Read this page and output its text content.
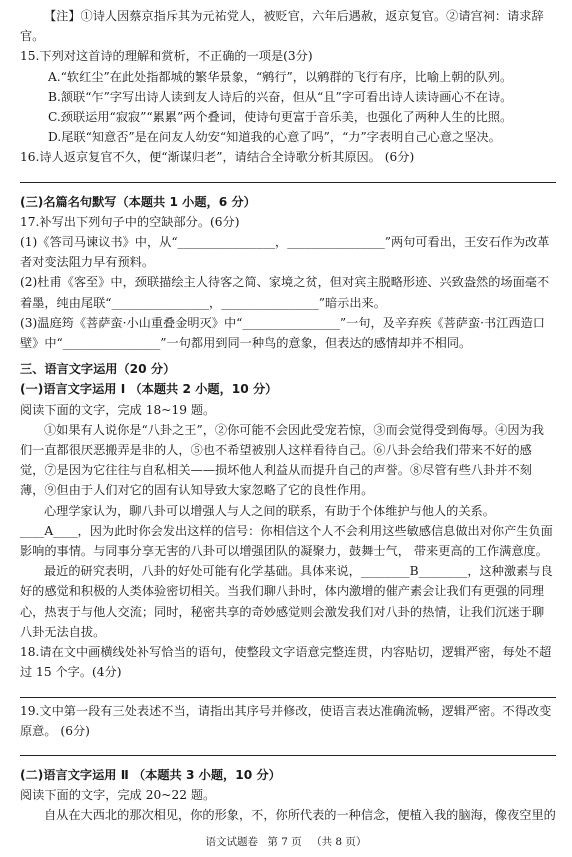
【注】①诗人因蔡京指斥其为元祐党人，被贬官，六年后遇赦，返京复官。②请宫祠：请求辞官。

15.下列对这首诗的理解和赏析，不正确的一项是(3分)

A.“软红尘”在此处指都城的繁华景象，“鹓行”，以鹓群的飞行有序，比喻上朝的队列。

B.颔联“乍”字写出诗人读到友人诗后的兴奋，但从“且”字可看出诗人读诗画心不在诗。

C.颈联运用“寂寂”“累累”两个叠词，使诗句更富于音乐美，也强化了两种人生的比照。

D.尾联“知意否”是在问友人幼安“知道我的心意了吗”，“力”字表明自己心意之坚决。

16.诗人返京复官不久，便“渐谋归老”，请结合全诗歌分析其原因。 (6分)

(三)名篇名句默写（本题共 1 小题，6 分）

17.补写出下列句子中的空缺部分。(6分)

(1)《答司马谏议书》中，从“________________，________________”两句可看出，王安石作为改革者对变法阻力早有预料。

(2)杜甫《客至》中，颈联描绘主人待客之简、家境之贫，但对宾主脱略形迹、兴致盎然的场面毫不着墨，纯由尾联“________________，________________”暗示出来。

(3)温庭筠《菩萨蛮·小山重叠金明灭》中“________________”一句，及辛弃疾《菩萨蛮·书江西造口壁》中“________________”一句都用到同一种鸟的意象，但表达的感情却并不相同。

三、语言文字运用（20 分）

(一)语言文字运用 Ⅰ （本题共 2 小题，10 分）

阅读下面的文字，完成 18~19 题。

①如果有人说你是“八卦之王”，②你可能不会因此受宠若惊，③而会觉得受到侮辱。④因为我们一直都很厌恶搬弄是非的人，⑤也不希望被别人这样看待自己。⑥八卦会给我们带来不好的感觉，⑦是因为它往往与自私相关——损坏他人利益从而提升自己的声誉。⑧尽管有些八卦并不刻薄，⑨但由于人们对它的固有认知导致大家忽略了它的良性作用。

心理学家认为，聊八卦可以增强人与人之间的联系，有助于个体维护与他人的关系。____A____，因为此时你会发出这样的信号：你相信这个人不会利用这些敏感信息做出对你产生负面影响的事情。与同事分享无害的八卦可以增强团队的凝聚力，鼓舞士气， 带来更高的工作满意度。

最近的研究表明，八卦的好处可能有化学基础。具体来说，________B________，这种激素与良好的感觉和积极的人类体验密切相关。当我们聊八卦时，体内激增的催产素会让我们有更强的同理心，热衷于与他人交流；同时，秘密共享的奇妙感觉则会激发我们对八卦的热情，让我们沉迷于聊八卦无法自拔。

18.请在文中画横线处补写恰当的语句，使整段文字语意完整连贯，内容贴切，逻辑严密，每处不超过 15 个字。(4分)

19.文中第一段有三处表述不当，请指出其序号并修改，使语言表达准确流畅，逻辑严密。不得改变原意。 (6分)

(二)语言文字运用 Ⅱ （本题共 3 小题，10 分）

阅读下面的文字，完成 20~22 题。

自从在大西北的那次相见，你的形象，不，你所代表的一种信念，便植入我的脑海，像夜空里的

语文试题卷 第 7 页 （共 8 页）
